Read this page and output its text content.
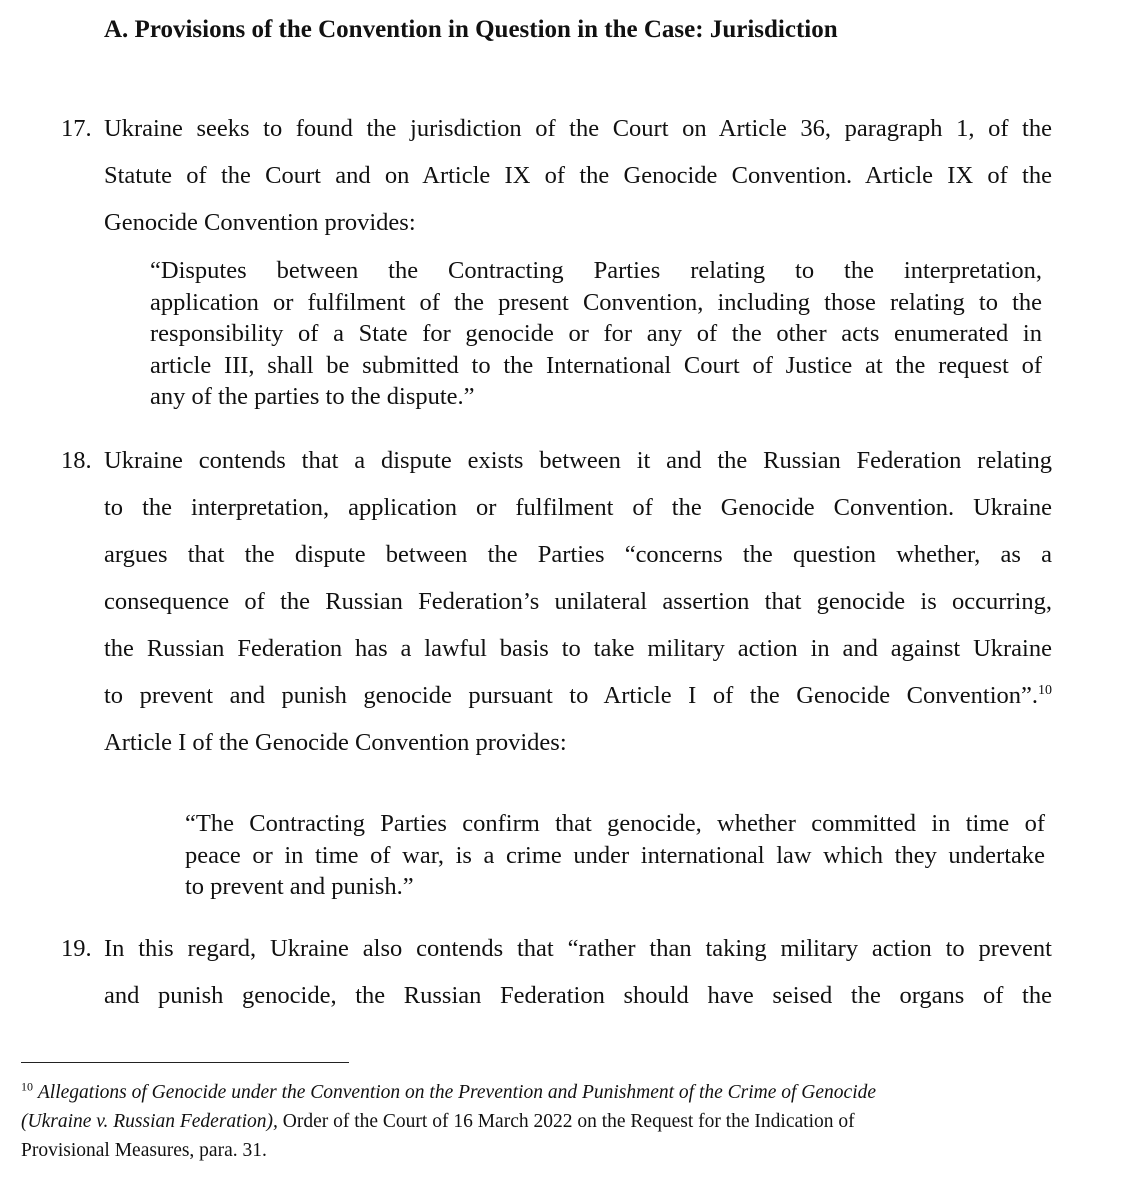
A. Provisions of the Convention in Question in the Case: Jurisdiction
17. Ukraine seeks to found the jurisdiction of the Court on Article 36, paragraph 1, of the
Statute of the Court and on Article IX of the Genocide Convention. Article IX of the
Genocide Convention provides:
“Disputes between the Contracting Parties relating to the interpretation,
application or fulfilment of the present Convention, including those relating to the
responsibility of a State for genocide or for any of the other acts enumerated in
article III, shall be submitted to the International Court of Justice at the request of
any of the parties to the dispute.”
18. Ukraine contends that a dispute exists between it and the Russian Federation relating
to the interpretation, application or fulfilment of the Genocide Convention. Ukraine
argues that the dispute between the Parties “concerns the question whether, as a
consequence of the Russian Federation’s unilateral assertion that genocide is occurring,
the Russian Federation has a lawful basis to take military action in and against Ukraine
to prevent and punish genocide pursuant to Article I of the Genocide Convention”.$^{10}$
Article I of the Genocide Convention provides:
“The Contracting Parties confirm that genocide, whether committed in time of
peace or in time of war, is a crime under international law which they undertake
to prevent and punish.”
19. In this regard, Ukraine also contends that “rather than taking military action to prevent
and punish genocide, the Russian Federation should have seised the organs of the
$^{10}$ Allegations of Genocide under the Convention on the Prevention and Punishment of the Crime of Genocide
(Ukraine v. Russian Federation), Order of the Court of 16 March 2022 on the Request for the Indication of
Provisional Measures, para. 31.
